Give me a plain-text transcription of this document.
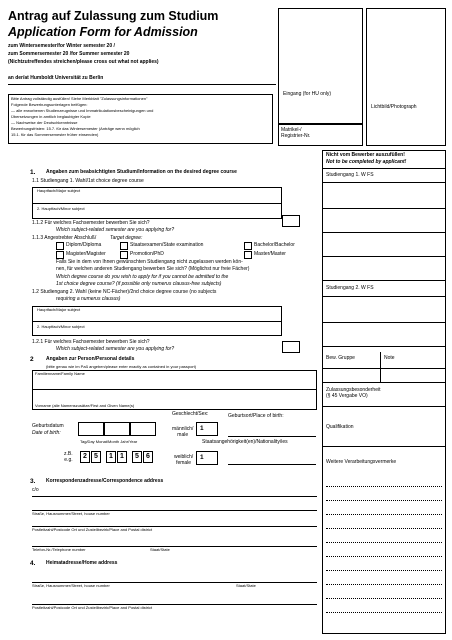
Antrag auf Zulassung zum Studium
Application Form for Admission
zum Wintersemester/for Winter semester 20 /
zum Sommersemester 20 /for Summer semester 20
(Nichtzutreffendes streichen/please cross out what not applies)
an der/at Humboldt Universität zu Berlin
Bitte Antrag vollständig ausfüllen! Siehe Merkblatt "Zulassungsinformationen"
Folgende Bewerbungsunterlagen beifügen:
— alle erworbenen Studienzeugnisse und Immatrikulationsbescheinigungen und
Übersetzungen in amtlich beglaubigter Kopie
— Nachweise der Deutschkenntnisse
Bewerbungsfristen: 15.7. für das Wintersemester (Anträge wenn möglich
15.1. für das Sommersemester früher einsenden)
Eingang (for HU only)
Matrikel-/
Registrier-Nr.
Lichtbild/Photograph
Nicht vom Bewerber auszufüllen!
Not to be completed by applicant!
Studiengang 1. W FS
Studiengang 2. W FS
Bew. Gruppe	Note
Zulassungsbesonderheit
(§ 45 Vergabe VO)
Qualifikation
Weitere Verarbeitungsvermerke
1. Angaben zum beabsichtigten Studium/Information on the desired degree course
1.1 Studiengang 1. Wahl/1st choice degree course
Hauptfach/Major subject
2. Hauptfach/Minor subject
1.1.2 Für welches Fachsemester bewerben Sie sich?
Which subject-related semester are you applying for?
1.1.3 Angestrebter Abschluß/	Target degree:
Diplom/Diploma	Staatsexamen/State examination	Bachelor/Bachelor
Magister/Magister	Promotion/PhD	Master/Master
Falls Sie in dem von Ihnen gewünschten Studiengang nicht zugelassen werden kön-
nen, für welchen anderen Studiengang bewerben Sie sich? (Möglichst nur freie Fächer)
Which degree course do you wish to apply for if you cannot be admitted to the
1st choice degree course? (if possible only numerus clausus-free subjects)
1.2 Studiengang 2. Wahl (keine NC-Fächer)/2nd choice degree course (no subjects
requiring a numerus clausus)
Hauptfach/Major subject
2. Hauptfach/Minor subject
1.2.1 Für welches Fachsemester bewerben Sie sich?
Which subject-related semester are you applying for?
2 Angaben zur Person/Personal details
(bitte genau wie im Paß angeben/please enter exactly as contained in your passport)
Familienname/Family Name
Vorname (alle Namenszusätze/First and Given Name(s)
Geschlecht/Sex:	Geburtsort/Place of birth:
Geburtsdatum
Date of birth:
Tag/Day Monat/Month Jahr/Year
männlich/
male
1
Staatsangehörigkeit(en)/Nationality/ies
z.B.
e.g.	2	5	1	1	5	6	weiblich/
female
1
3. Korrespondenzadresse/Correspondence address
c/o
Straße, Hausnummer/Street, house number
Postleitzahl/Postcode Ort und Zustellbezirk/Place and Postal district
Telefon-Nr./Telephone number	Staat/State
4. Heimatadresse/Home address
Straße, Hausnummer/Street, house number	Staat/State
Postleitzahl/Postcode Ort und Zustellbezirk/Place and Postal district
